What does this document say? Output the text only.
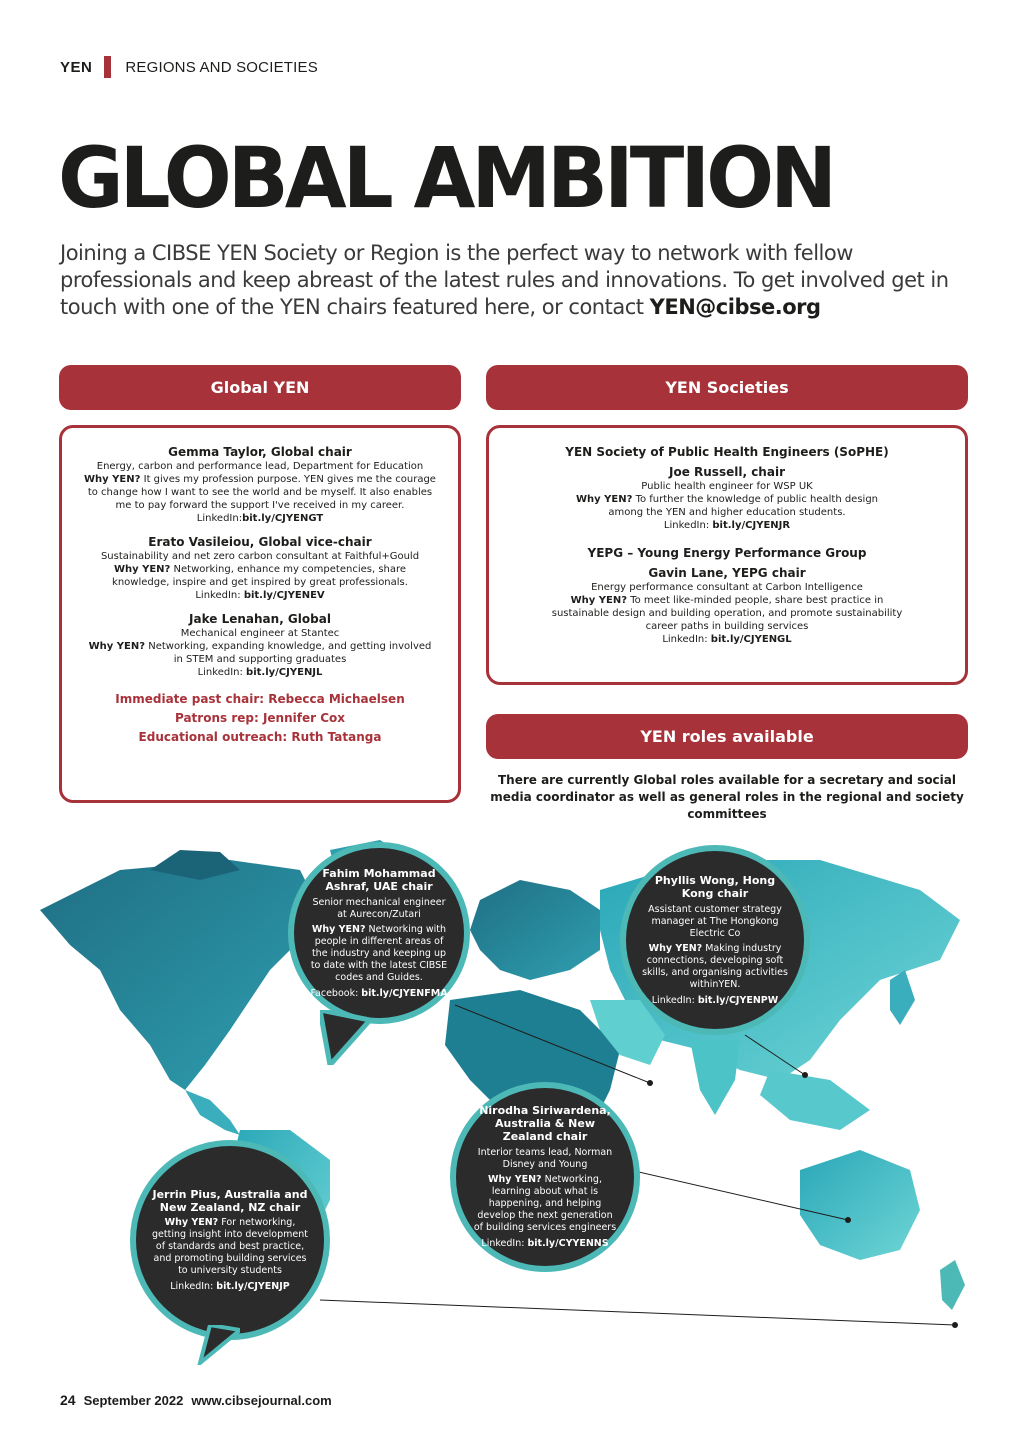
YEN REGIONS AND SOCIETIES
GLOBAL AMBITION

Joining a CIBSE YEN Society or Region is the perfect way to network with fellow professionals and keep abreast of the latest rules and innovations. To get involved get in touch with one of the YEN chairs featured here, or contact YEN@cibse.org

Global YEN
Gemma Taylor, Global chair
Energy, carbon and performance lead, Department for Education
Why YEN? It gives my profession purpose. YEN gives me the courage to change how I want to see the world and be myself. It also enables me to pay forward the support I've received in my career.
LinkedIn:bit.ly/CJYENGT
Erato Vasileiou, Global vice-chair
Sustainability and net zero carbon consultant at Faithful+Gould
Why YEN? Networking, enhance my competencies, share knowledge, inspire and get inspired by great professionals.
LinkedIn: bit.ly/CJYENEV
Jake Lenahan, Global
Mechanical engineer at Stantec
Why YEN? Networking, expanding knowledge, and getting involved in STEM and supporting graduates
LinkedIn: bit.ly/CJYENJL
Immediate past chair: Rebecca Michaelsen
Patrons rep: Jennifer Cox
Educational outreach: Ruth Tatanga
YEN Societies
YEN Society of Public Health Engineers (SoPHE)
Joe Russell, chair
Public health engineer for WSP UK
Why YEN? To further the knowledge of public health design among the YEN and higher education students.
LinkedIn: bit.ly/CJYENJR
YEPG – Young Energy Performance Group
Gavin Lane, YEPG chair
Energy performance consultant at Carbon Intelligence
Why YEN? To meet like-minded people, share best practice in sustainable design and building operation, and promote sustainability career paths in building services
LinkedIn: bit.ly/CJYENGL
YEN roles available
There are currently Global roles available for a secretary and social media coordinator as well as general roles in the regional and society committees
Fahim Mohammad Ashraf, UAE chair
Senior mechanical engineer at Aurecon/Zutari
Why YEN? Networking with people in different areas of the industry and keeping up to date with the latest CIBSE codes and Guides.
Facebook: bit.ly/CJYENFMA
Phyllis Wong, Hong Kong chair
Assistant customer strategy manager at The Hongkong Electric Co
Why YEN? Making industry connections, developing soft skills, and organising activities withinYEN.
LinkedIn: bit.ly/CJYENPW
Nirodha Siriwardena, Australia & New Zealand chair
Interior teams lead, Norman Disney and Young
Why YEN? Networking, learning about what is happening, and helping develop the next generation of building services engineers
LinkedIn: bit.ly/CYYENNS
Jerrin Pius, Australia and New Zealand, NZ chair
Why YEN? For networking, getting insight into development of standards and best practice, and promoting building services to university students
LinkedIn: bit.ly/CJYENJP
24 September 2022 www.cibsejournal.com
